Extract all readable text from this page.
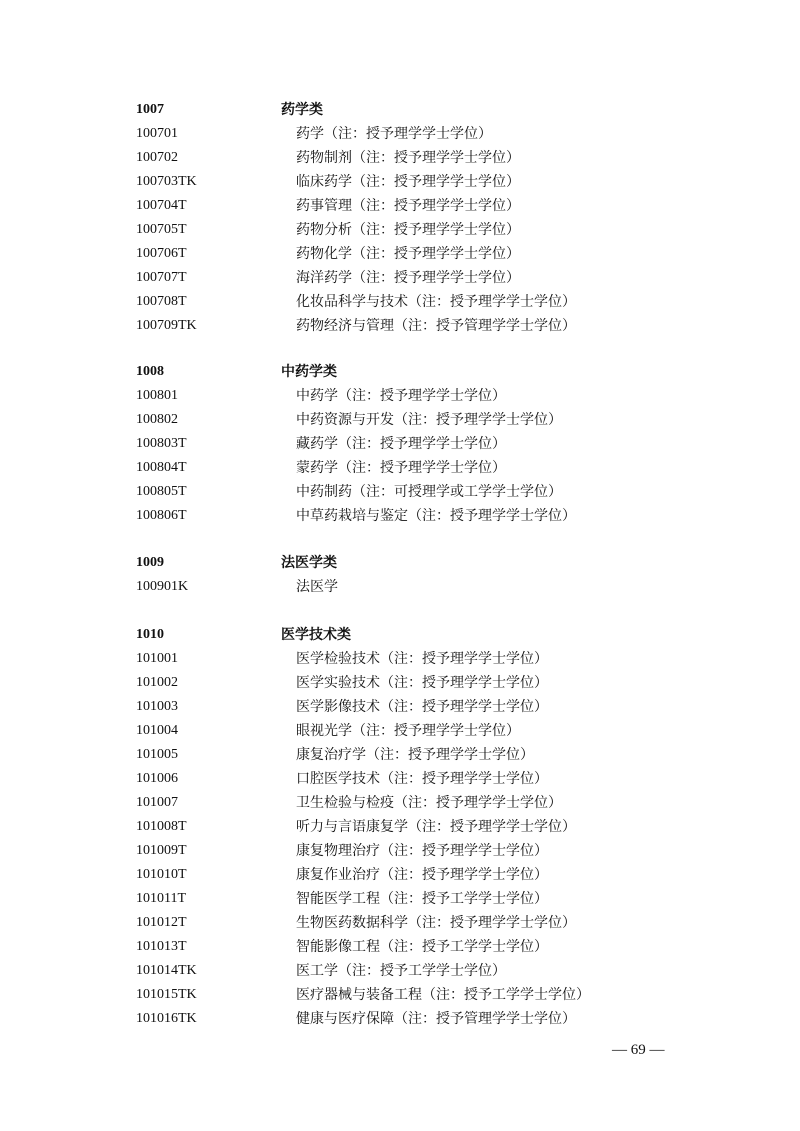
1007	药学类
100701	药学（注：授予理学学士学位）
100702	药物制剂（注：授予理学学士学位）
100703TK	临床药学（注：授予理学学士学位）
100704T	药事管理（注：授予理学学士学位）
100705T	药物分析（注：授予理学学士学位）
100706T	药物化学（注：授予理学学士学位）
100707T	海洋药学（注：授予理学学士学位）
100708T	化妆品科学与技术（注：授予理学学士学位）
100709TK	药物经济与管理（注：授予管理学学士学位）
1008	中药学类
100801	中药学（注：授予理学学士学位）
100802	中药资源与开发（注：授予理学学士学位）
100803T	藏药学（注：授予理学学士学位）
100804T	蒙药学（注：授予理学学士学位）
100805T	中药制药（注：可授理学或工学学士学位）
100806T	中草药栽培与鉴定（注：授予理学学士学位）
1009	法医学类
100901K	法医学
1010	医学技术类
101001	医学检验技术（注：授予理学学士学位）
101002	医学实验技术（注：授予理学学士学位）
101003	医学影像技术（注：授予理学学士学位）
101004	眼视光学（注：授予理学学士学位）
101005	康复治疗学（注：授予理学学士学位）
101006	口腔医学技术（注：授予理学学士学位）
101007	卫生检验与检疫（注：授予理学学士学位）
101008T	听力与言语康复学（注：授予理学学士学位）
101009T	康复物理治疗（注：授予理学学士学位）
101010T	康复作业治疗（注：授予理学学士学位）
101011T	智能医学工程（注：授予工学学士学位）
101012T	生物医药数据科学（注：授予理学学士学位）
101013T	智能影像工程（注：授予工学学士学位）
101014TK	医工学（注：授予工学学士学位）
101015TK	医疗器械与装备工程（注：授予工学学士学位）
101016TK	健康与医疗保障（注：授予管理学学士学位）
— 69 —
